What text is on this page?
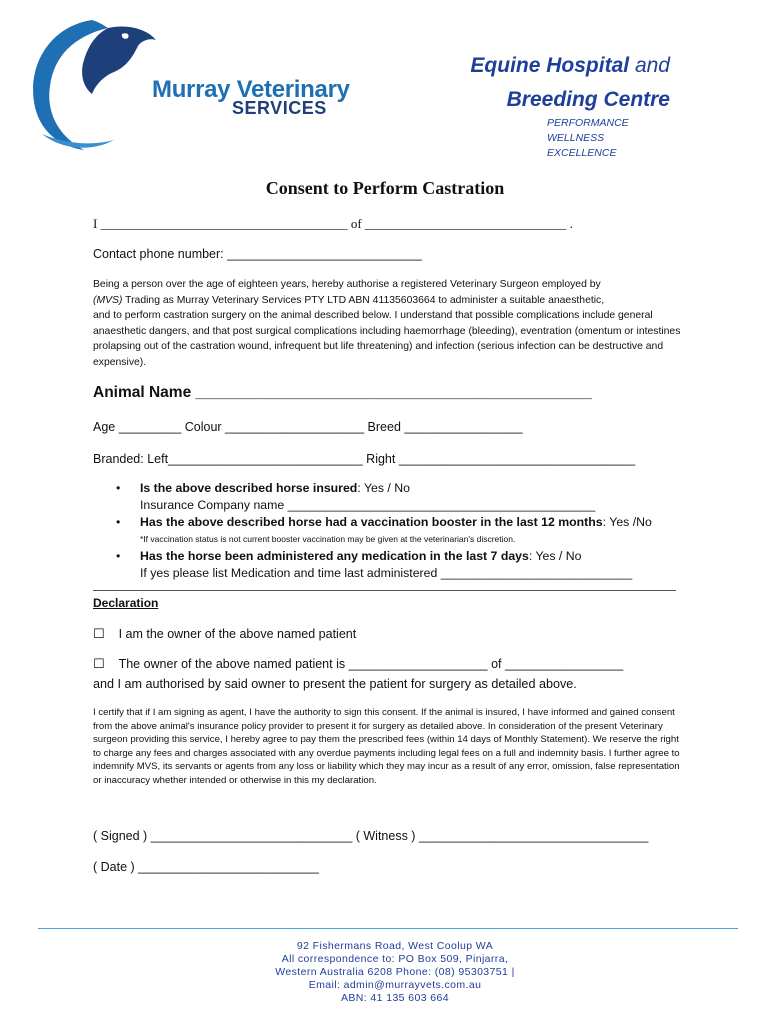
Murray Veterinary
SERVICES
Equine Hospital and
Breeding Centre
PERFORMANCE
WELLNESS
EXCELLENCE
Consent to Perform Castration
I ______________________________________ of _______________________________ .
Contact phone number: ____________________________
Being a person over the age of eighteen years, hereby authorise a registered Veterinary Surgeon employed by
(MVS) Trading as Murray Veterinary Services PTY LTD ABN 41135603664 to administer a suitable anaesthetic,
and to perform castration surgery on the animal described below. I understand that possible complications include general anaesthetic dangers, and that post surgical complications including haemorrhage (bleeding), eventration (omentum or intestines prolapsing out of the castration wound, infrequent but life threatening) and infection (serious infection can be destructive and expensive).
Animal Name ______________________________________________
Age _________ Colour ____________________ Breed _________________
Branded: Left____________________________ Right __________________________________
• Is the above described horse insured: Yes / No
Insurance Company name _____________________________________________
• Has the above described horse had a vaccination booster in the last 12 months: Yes /No
*If vaccination status is not current booster vaccination may be given at the veterinarian's discretion.
• Has the horse been administered any medication in the last 7 days: Yes / No
If yes please list Medication and time last administered ____________________________
Declaration
☐ I am the owner of the above named patient
☐ The owner of the above named patient is ____________________ of _________________
and I am authorised by said owner to present the patient for surgery as detailed above.
I certify that if I am signing as agent, I have the authority to sign this consent. If the animal is insured, I have informed and gained consent from the above animal's insurance policy provider to present it for surgery as detailed above. In consideration of the present Veterinary surgeon providing this service, I hereby agree to pay them the prescribed fees (within 14 days of Monthly Statement). We reserve the right to charge any fees and charges associated with any overdue payments including legal fees on a full and indemnity basis. I further agree to indemnify MVS, its servants or agents from any loss or liability which they may incur as a result of any error, omission, false representation or inaccuracy whether intended or otherwise in this my declaration.
( Signed ) _____________________________ ( Witness ) _________________________________
( Date ) __________________________
92 Fishermans Road, West Coolup WA
All correspondence to: PO Box 509, Pinjarra,
Western Australia 6208 Phone: (08) 95303751 |
Email: admin@murrayvets.com.au
ABN: 41 135 603 664
